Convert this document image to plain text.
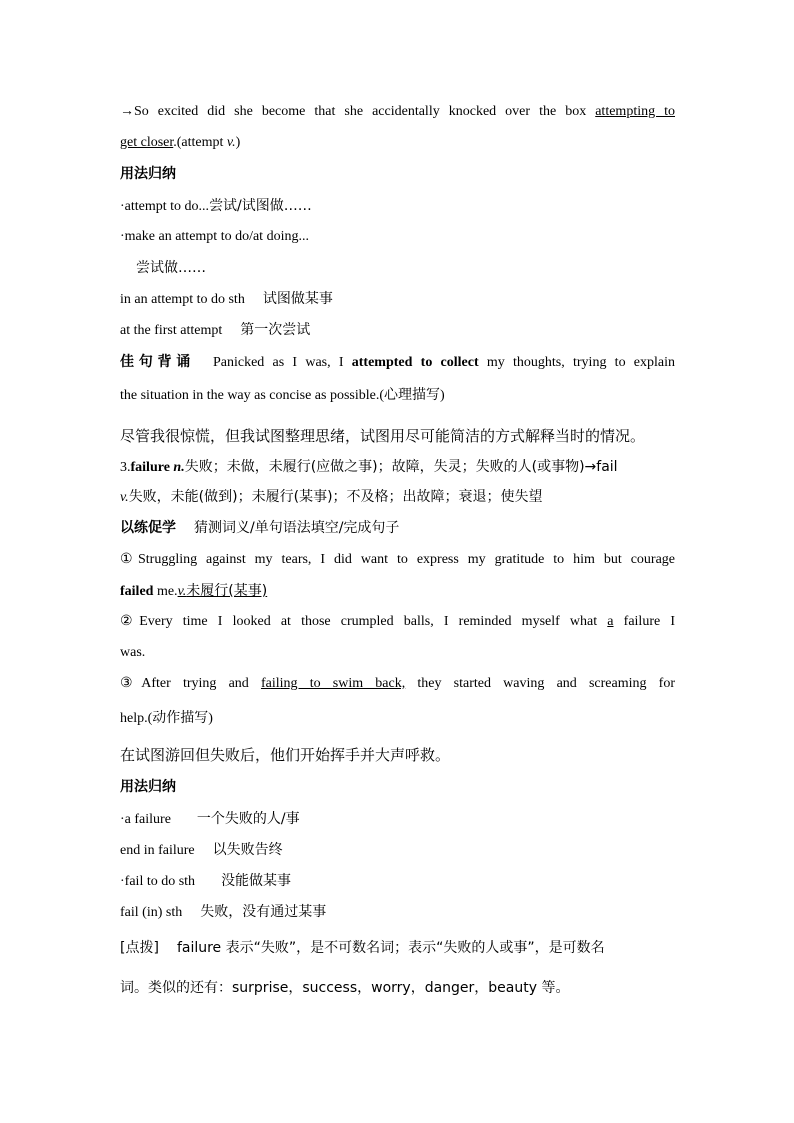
→So excited did she become that she accidentally knocked over the box attempting to
get closer.(attempt v.)
用法归纳
·attempt to do...尝试/试图做……
·make an attempt to do/at doing...
尝试做……
in an attempt to do sth 试图做某事
at the first attempt 第一次尝试
佳句背诵 Panicked as I was, I attempted to collect my thoughts, trying to explain
the situation in the way as concise as possible.(心理描写)
尽管我很惊慌，但我试图整理思绪，试图用尽可能简洁的方式解释当时的情况。
3.failure n.失败；未做，未履行(应做之事)；故障，失灵；失败的人(或事物)→fail
v.失败，未能(做到)；未履行(某事)；不及格；出故障；衰退；使失望
以练促学 猜测词义/单句语法填空/完成句子
①Struggling against my tears, I did want to express my gratitude to him but courage
failed me.v.未履行(某事)
②Every time I looked at those crumpled balls, I reminded myself what a failure I
was.
③After trying and failing to swim back, they started waving and screaming for
help.(动作描写)
在试图游回但失败后，他们开始挥手并大声呼救。
用法归纳
·a failure 一个失败的人/事
end in failure 以失败告终
·fail to do sth 没能做某事
fail (in) sth 失败，没有通过某事
[点拨] failure 表示“失败”，是不可数名词；表示“失败的人或事”，是可数名
词。类似的还有：surprise，success，worry，danger，beauty 等。
